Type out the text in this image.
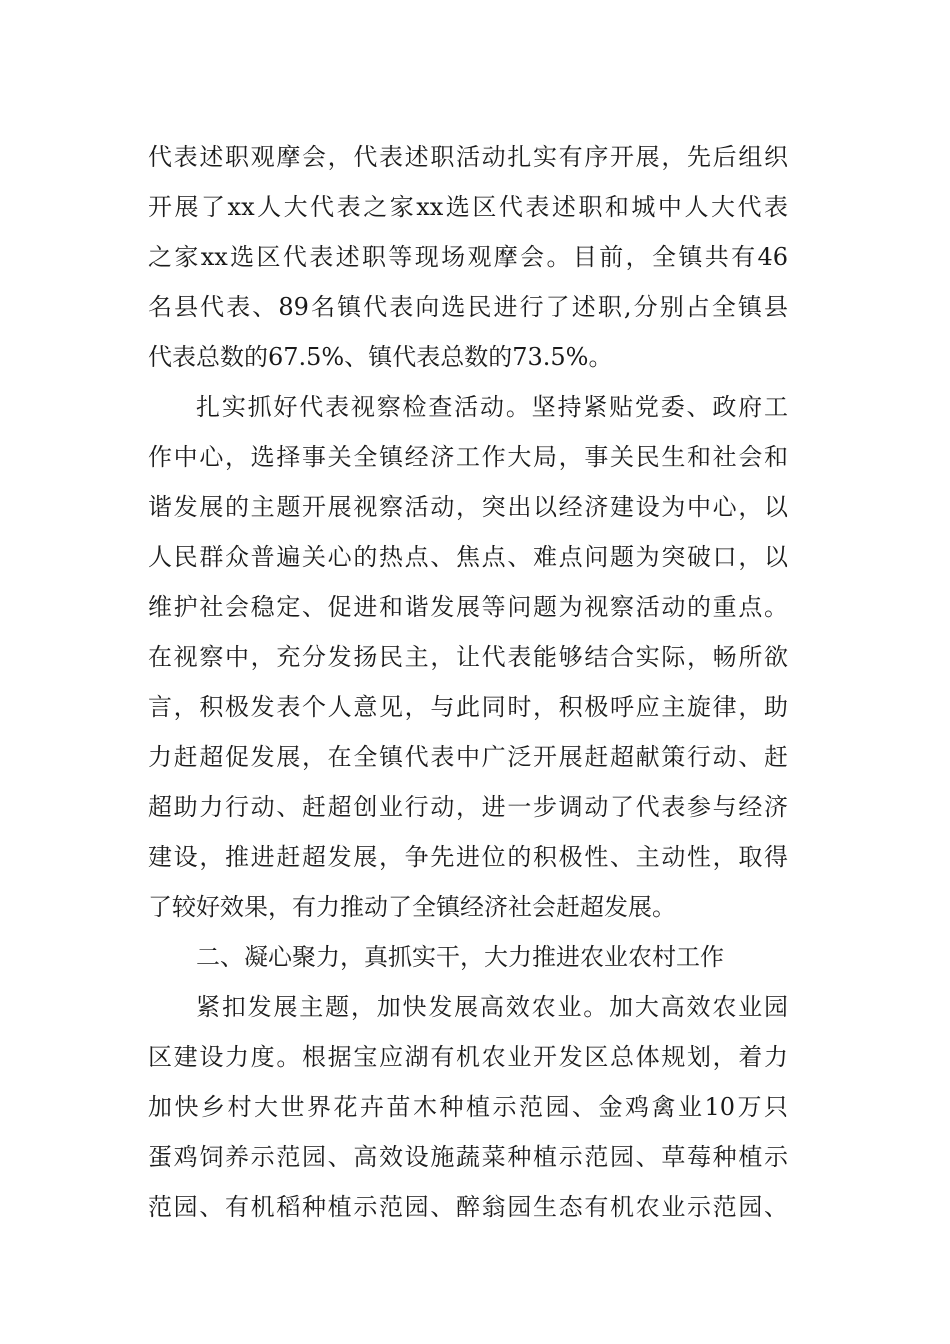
代表述职观摩会，代表述职活动扎实有序开展，先后组织
开展了xx人大代表之家xx选区代表述职和城中人大代表
之家xx选区代表述职等现场观摩会。目前，全镇共有46
名县代表、89名镇代表向选民进行了述职,分别占全镇县
代表总数的67.5%、镇代表总数的73.5%。
扎实抓好代表视察检查活动。坚持紧贴党委、政府工
作中心，选择事关全镇经济工作大局，事关民生和社会和
谐发展的主题开展视察活动，突出以经济建设为中心，以
人民群众普遍关心的热点、焦点、难点问题为突破口，以
维护社会稳定、促进和谐发展等问题为视察活动的重点。
在视察中，充分发扬民主，让代表能够结合实际，畅所欲
言，积极发表个人意见，与此同时，积极呼应主旋律，助
力赶超促发展，在全镇代表中广泛开展赶超献策行动、赶
超助力行动、赶超创业行动，进一步调动了代表参与经济
建设，推进赶超发展，争先进位的积极性、主动性，取得
了较好效果，有力推动了全镇经济社会赶超发展。
二、凝心聚力，真抓实干，大力推进农业农村工作
紧扣发展主题，加快发展高效农业。加大高效农业园
区建设力度。根据宝应湖有机农业开发区总体规划，着力
加快乡村大世界花卉苗木种植示范园、金鸡禽业10万只
蛋鸡饲养示范园、高效设施蔬菜种植示范园、草莓种植示
范园、有机稻种植示范园、醉翁园生态有机农业示范园、
